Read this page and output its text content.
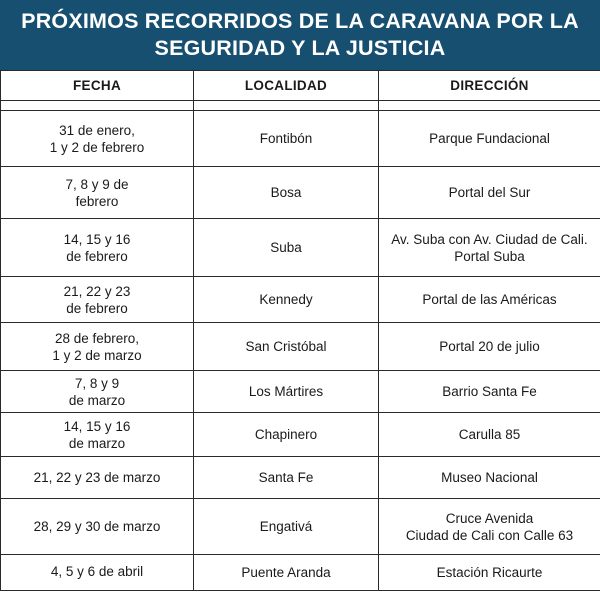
PRÓXIMOS RECORRIDOS DE LA CARAVANA POR LA
SEGURIDAD Y LA JUSTICIA
FECHA	LOCALIDAD	DIRECCIÓN

31 de enero,
1 y 2 de febrero	Fontibón	Parque Fundacional
7, 8 y 9 de
febrero	Bosa	Portal del Sur
14, 15 y 16
de febrero	Suba	Av. Suba con Av. Ciudad de Cali.
Portal Suba
21, 22 y 23
de febrero	Kennedy	Portal de las Américas
28 de febrero,
1 y 2 de marzo	San Cristóbal	Portal 20 de julio
7, 8 y 9
de marzo	Los Mártires	Barrio Santa Fe
14, 15 y 16
de marzo	Chapinero	Carulla 85
21, 22 y 23 de marzo	Santa Fe	Museo Nacional
28, 29 y 30 de marzo	Engativá	Cruce Avenida
Ciudad de Cali con Calle 63
4, 5 y 6 de abril	Puente Aranda	Estación Ricaurte
